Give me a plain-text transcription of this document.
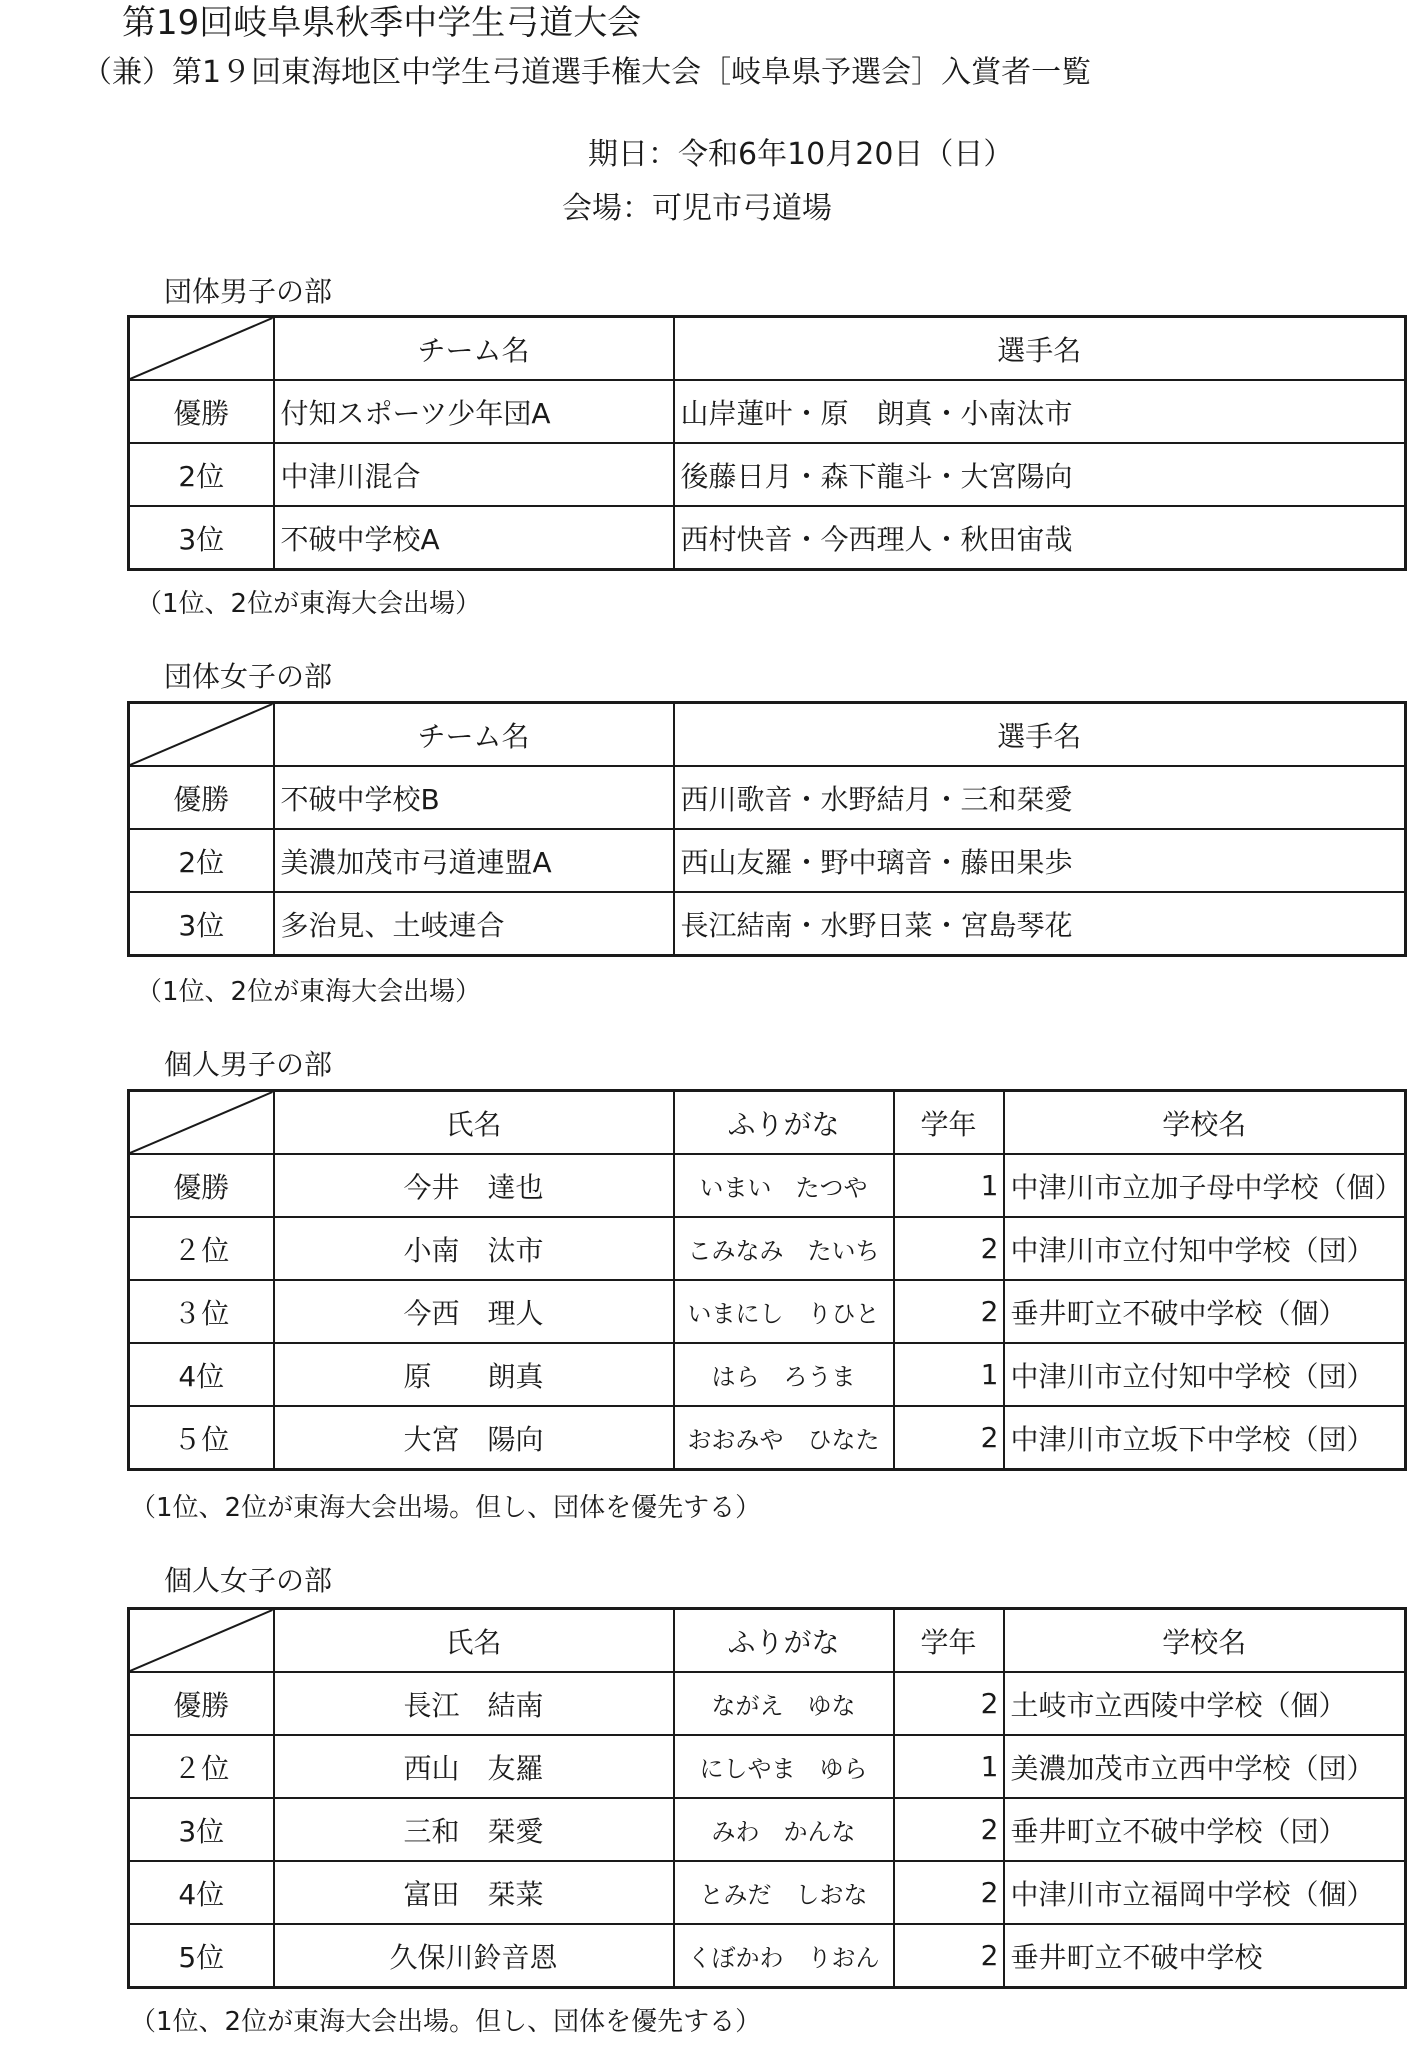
第19回岐阜県秋季中学生弓道大会
（兼）第1９回東海地区中学生弓道選手権大会［岐阜県予選会］入賞者一覧
期日：令和6年10月20日（日）
会場：可児市弓道場
団体男子の部
	チーム名	選手名
優勝	付知スポーツ少年団A	山岸蓮叶・原　朗真・小南汰市
2位	中津川混合	後藤日月・森下龍斗・大宮陽向
3位	不破中学校A	西村快音・今西理人・秋田宙哉
（1位、2位が東海大会出場）
団体女子の部
	チーム名	選手名
優勝	不破中学校B	西川歌音・水野結月・三和栞愛
2位	美濃加茂市弓道連盟A	西山友羅・野中璃音・藤田果歩
3位	多治見、土岐連合	長江結南・水野日菜・宮島琴花
（1位、2位が東海大会出場）
個人男子の部
	氏名	ふりがな	学年	学校名
優勝	今井　達也	いまい　たつや	1	中津川市立加子母中学校（個）
２位	小南　汰市	こみなみ　たいち	2	中津川市立付知中学校（団）
３位	今西　理人	いまにし　りひと	2	垂井町立不破中学校（個）
4位	原　　朗真	はら　ろうま	1	中津川市立付知中学校（団）
５位	大宮　陽向	おおみや　ひなた	2	中津川市立坂下中学校（団）
（1位、2位が東海大会出場。但し、団体を優先する）
個人女子の部
	氏名	ふりがな	学年	学校名
優勝	長江　結南	ながえ　ゆな	2	土岐市立西陵中学校（個）
２位	西山　友羅	にしやま　ゆら	1	美濃加茂市立西中学校（団）
3位	三和　栞愛	みわ　かんな	2	垂井町立不破中学校（団）
4位	富田　栞菜	とみだ　しおな	2	中津川市立福岡中学校（個）
5位	久保川鈴音恩	くぼかわ　りおん	2	垂井町立不破中学校
（1位、2位が東海大会出場。但し、団体を優先する）
